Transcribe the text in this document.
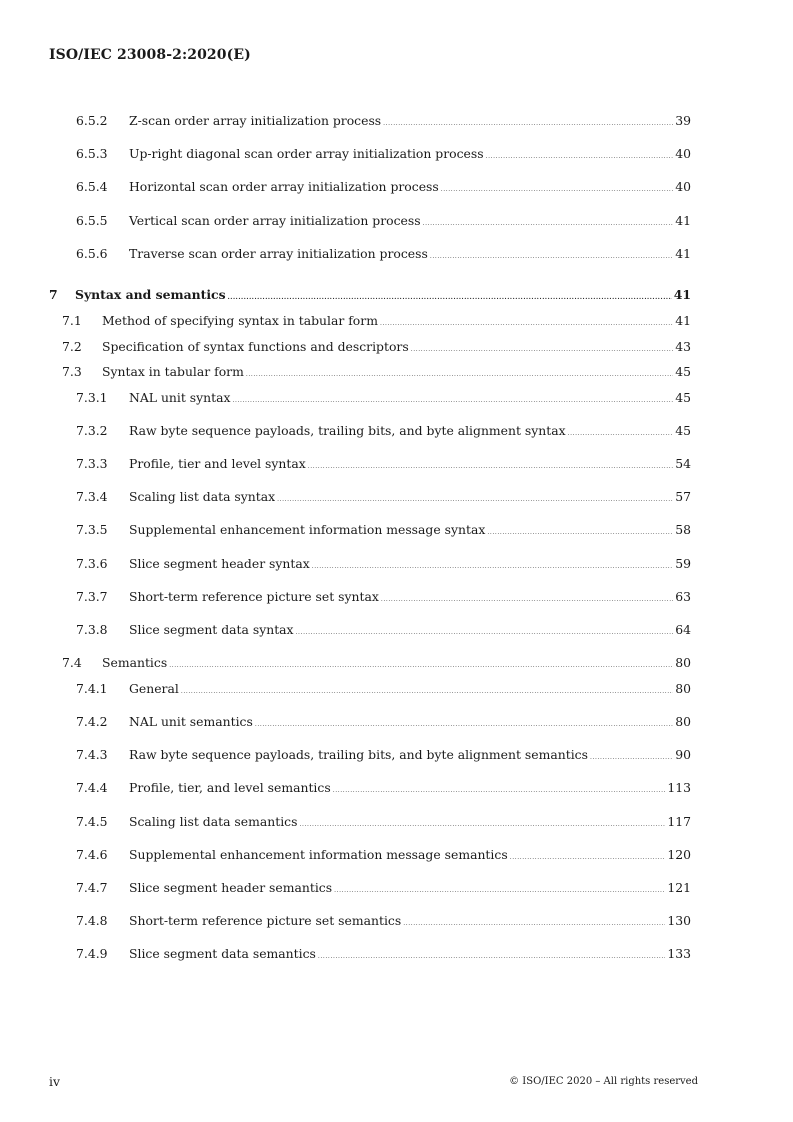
ISO/IEC 23008-2:2020(E)
6.5.2 Z-scan order array initialization process .....	39
6.5.3 Up-right diagonal scan order array initialization process .....	40
6.5.4 Horizontal scan order array initialization process .....	40
6.5.5 Vertical scan order array initialization process .....	41
6.5.6 Traverse scan order array initialization process .....	41
7 Syntax and semantics .....	41
7.1 Method of specifying syntax in tabular form .....	41
7.2 Specification of syntax functions and descriptors .....	43
7.3 Syntax in tabular form .....	45
7.3.1 NAL unit syntax .....	45
7.3.2 Raw byte sequence payloads, trailing bits, and byte alignment syntax .....	45
7.3.3 Profile, tier and level syntax .....	54
7.3.4 Scaling list data syntax .....	57
7.3.5 Supplemental enhancement information message syntax .....	58
7.3.6 Slice segment header syntax .....	59
7.3.7 Short-term reference picture set syntax .....	63
7.3.8 Slice segment data syntax .....	64
7.4 Semantics .....	80
7.4.1 General .....	80
7.4.2 NAL unit semantics .....	80
7.4.3 Raw byte sequence payloads, trailing bits, and byte alignment semantics .....	90
7.4.4 Profile, tier, and level semantics .....	113
7.4.5 Scaling list data semantics .....	117
7.4.6 Supplemental enhancement information message semantics .....	120
7.4.7 Slice segment header semantics .....	121
7.4.8 Short-term reference picture set semantics .....	130
7.4.9 Slice segment data semantics .....	133
iv	© ISO/IEC 2020 – All rights reserved
